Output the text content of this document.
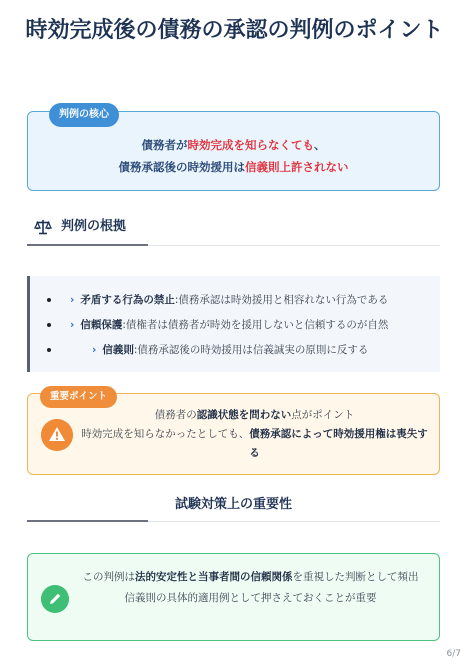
時効完成後の債務の承認の判例のポイント
判例の核心
債務者が時効完成を知らなくても、
債務承認後の時効援用は信義則上許されない
判例の根拠
› 矛盾する行為の禁止:債務承認は時効援用と相容れない行為である
› 信頼保護:債権者は債務者が時効を援用しないと信頼するのが自然
› 信義則:債務承認後の時効援用は信義誠実の原則に反する
重要ポイント
債務者の認識状態を問わない点がポイント
時効完成を知らなかったとしても、債務承認によって時効援用権は喪失する
試験対策上の重要性
この判例は法的安定性と当事者間の信頼関係を重視した判断として頻出
信義則の具体的適用例として押さえておくことが重要
6/7
